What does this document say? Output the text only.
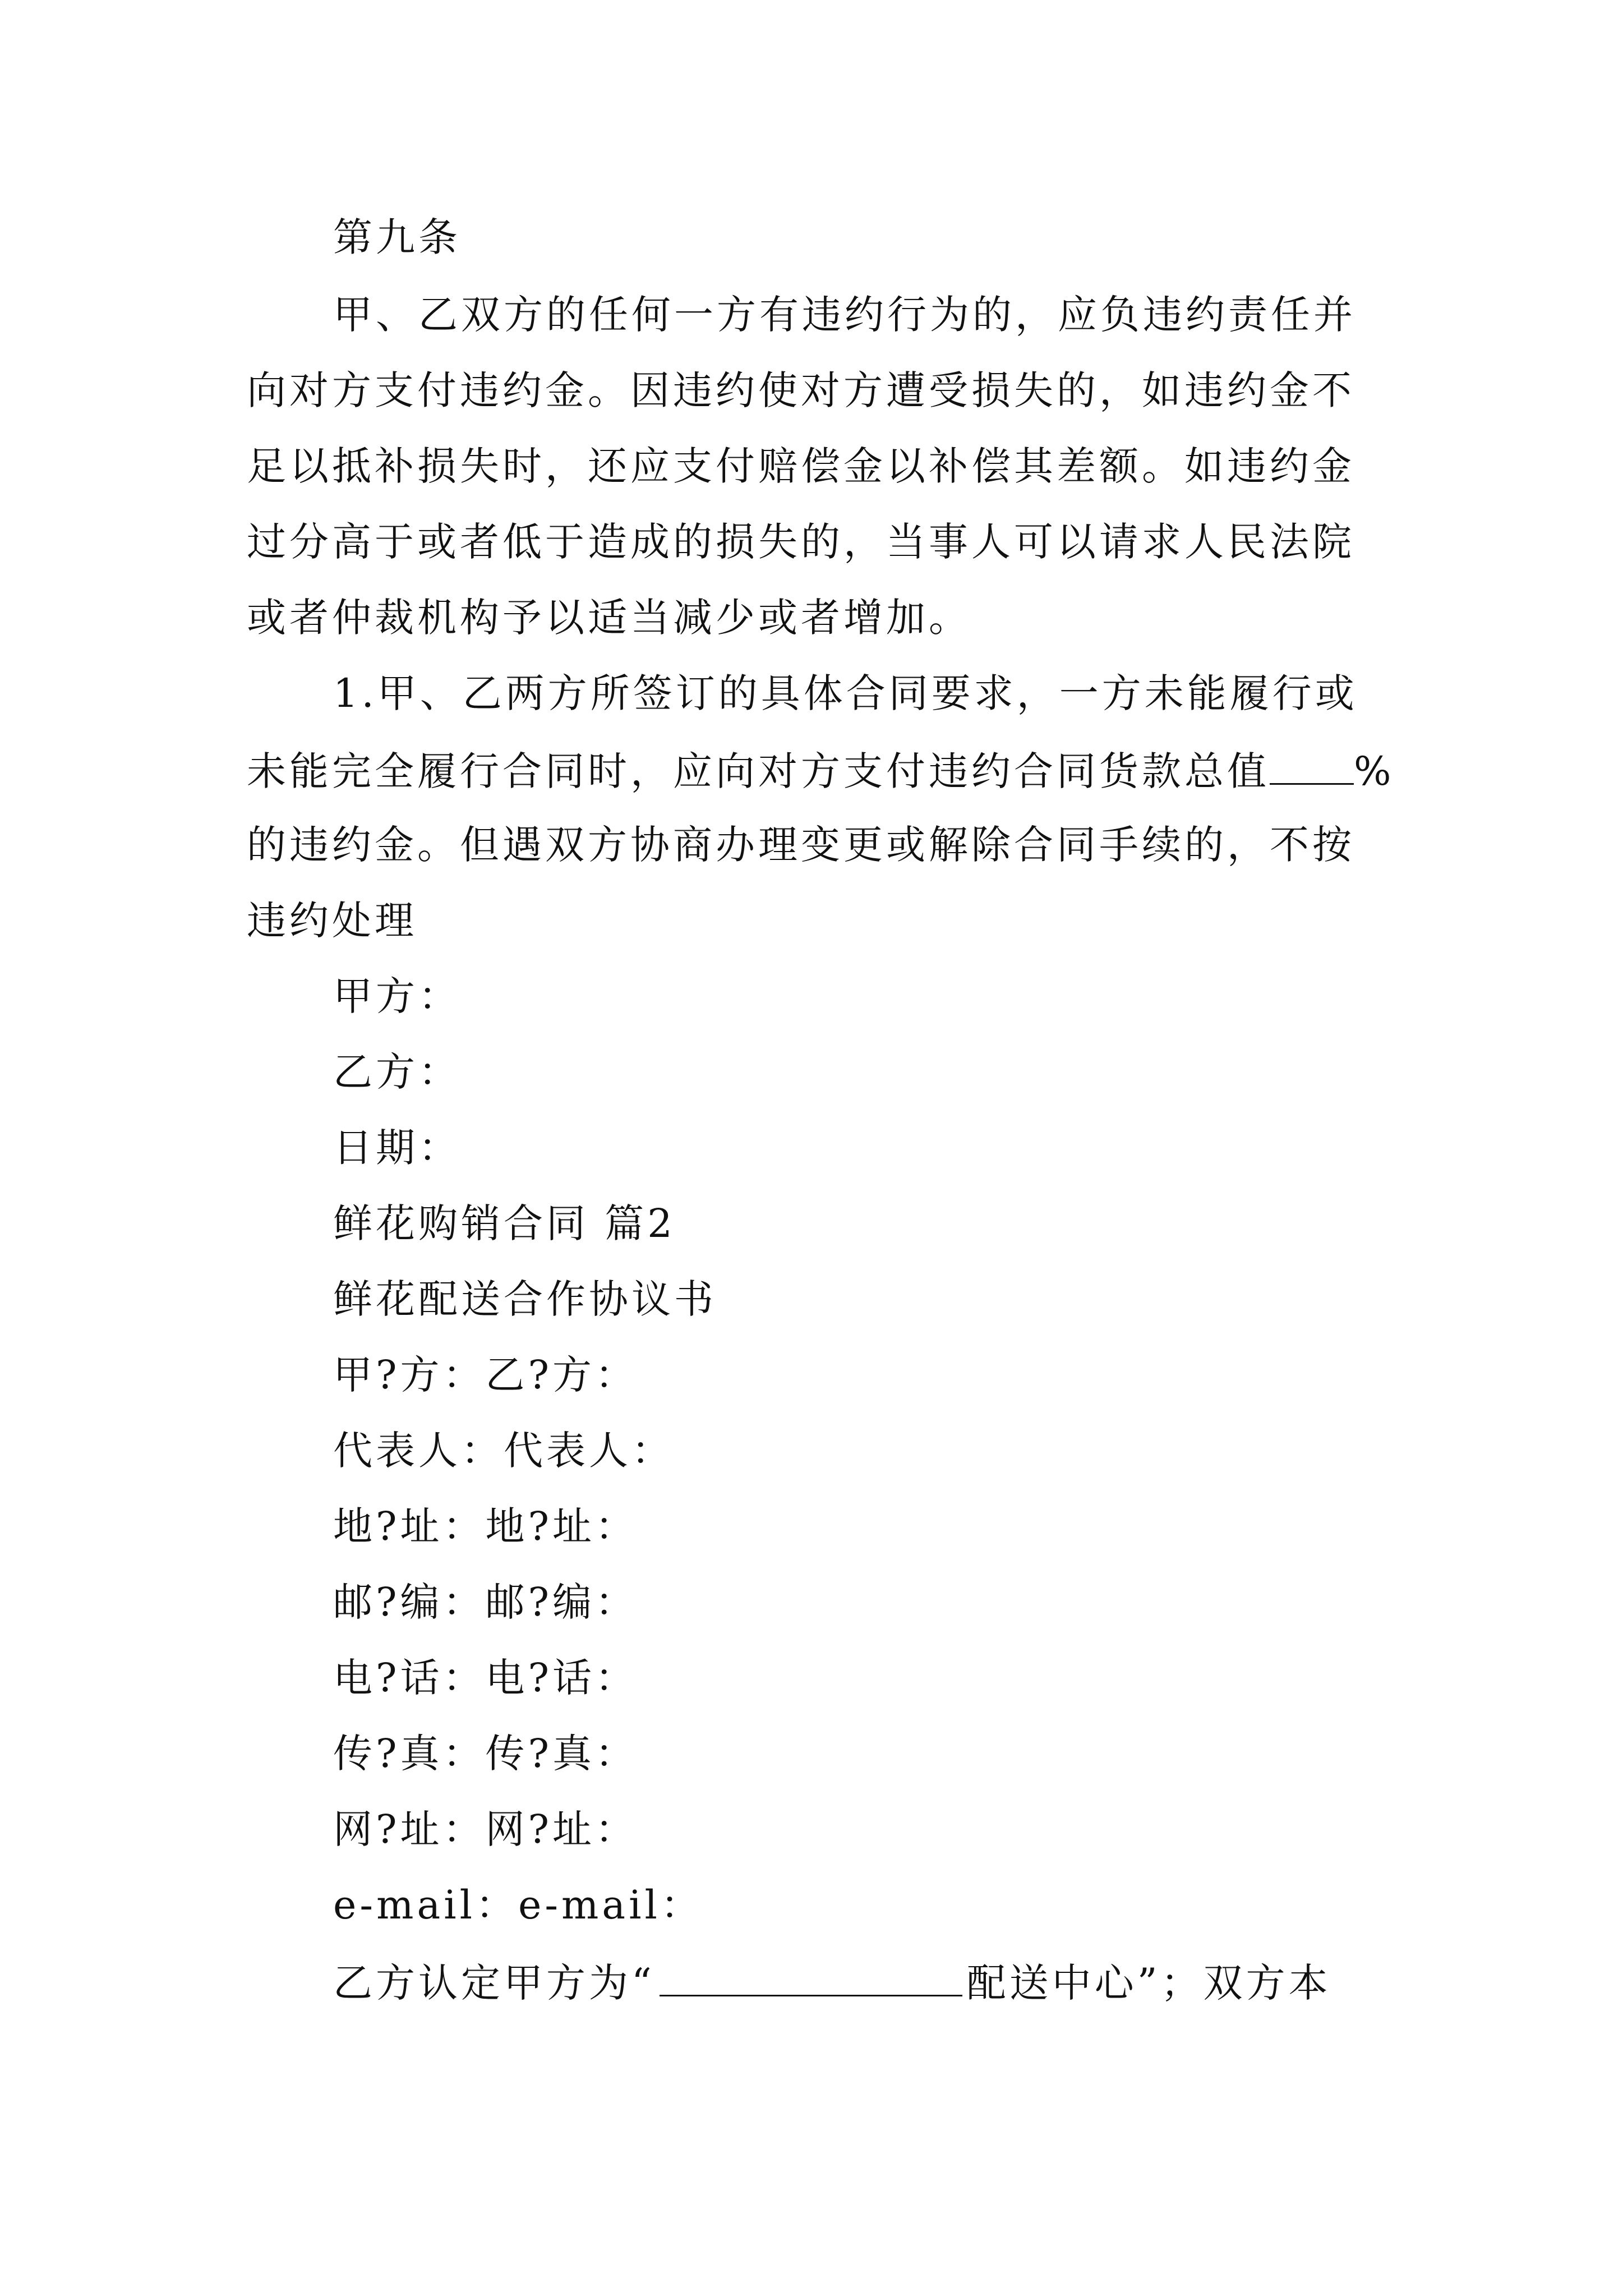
第九条
甲、乙双方的任何一方有违约行为的，应负违约责任并
向对方支付违约金。因违约使对方遭受损失的，如违约金不
足以抵补损失时，还应支付赔偿金以补偿其差额。如违约金
过分高于或者低于造成的损失的，当事人可以请求人民法院
或者仲裁机构予以适当减少或者增加。
1.甲、乙两方所签订的具体合同要求，一方未能履行或
未能完全履行合同时，应向对方支付违约合同货款总值 %
的违约金。但遇双方协商办理变更或解除合同手续的，不按
违约处理
甲方：
乙方：
日期：
鲜花购销合同 篇2
鲜花配送合作协议书
甲?方：乙?方：
代表人：代表人：
地?址：地?址：
邮?编：邮?编：
电?话：电?话：
传?真：传?真：
网?址：网?址：
e-mail：e-mail：
乙方认定甲方为“	配送中心”；双方本
